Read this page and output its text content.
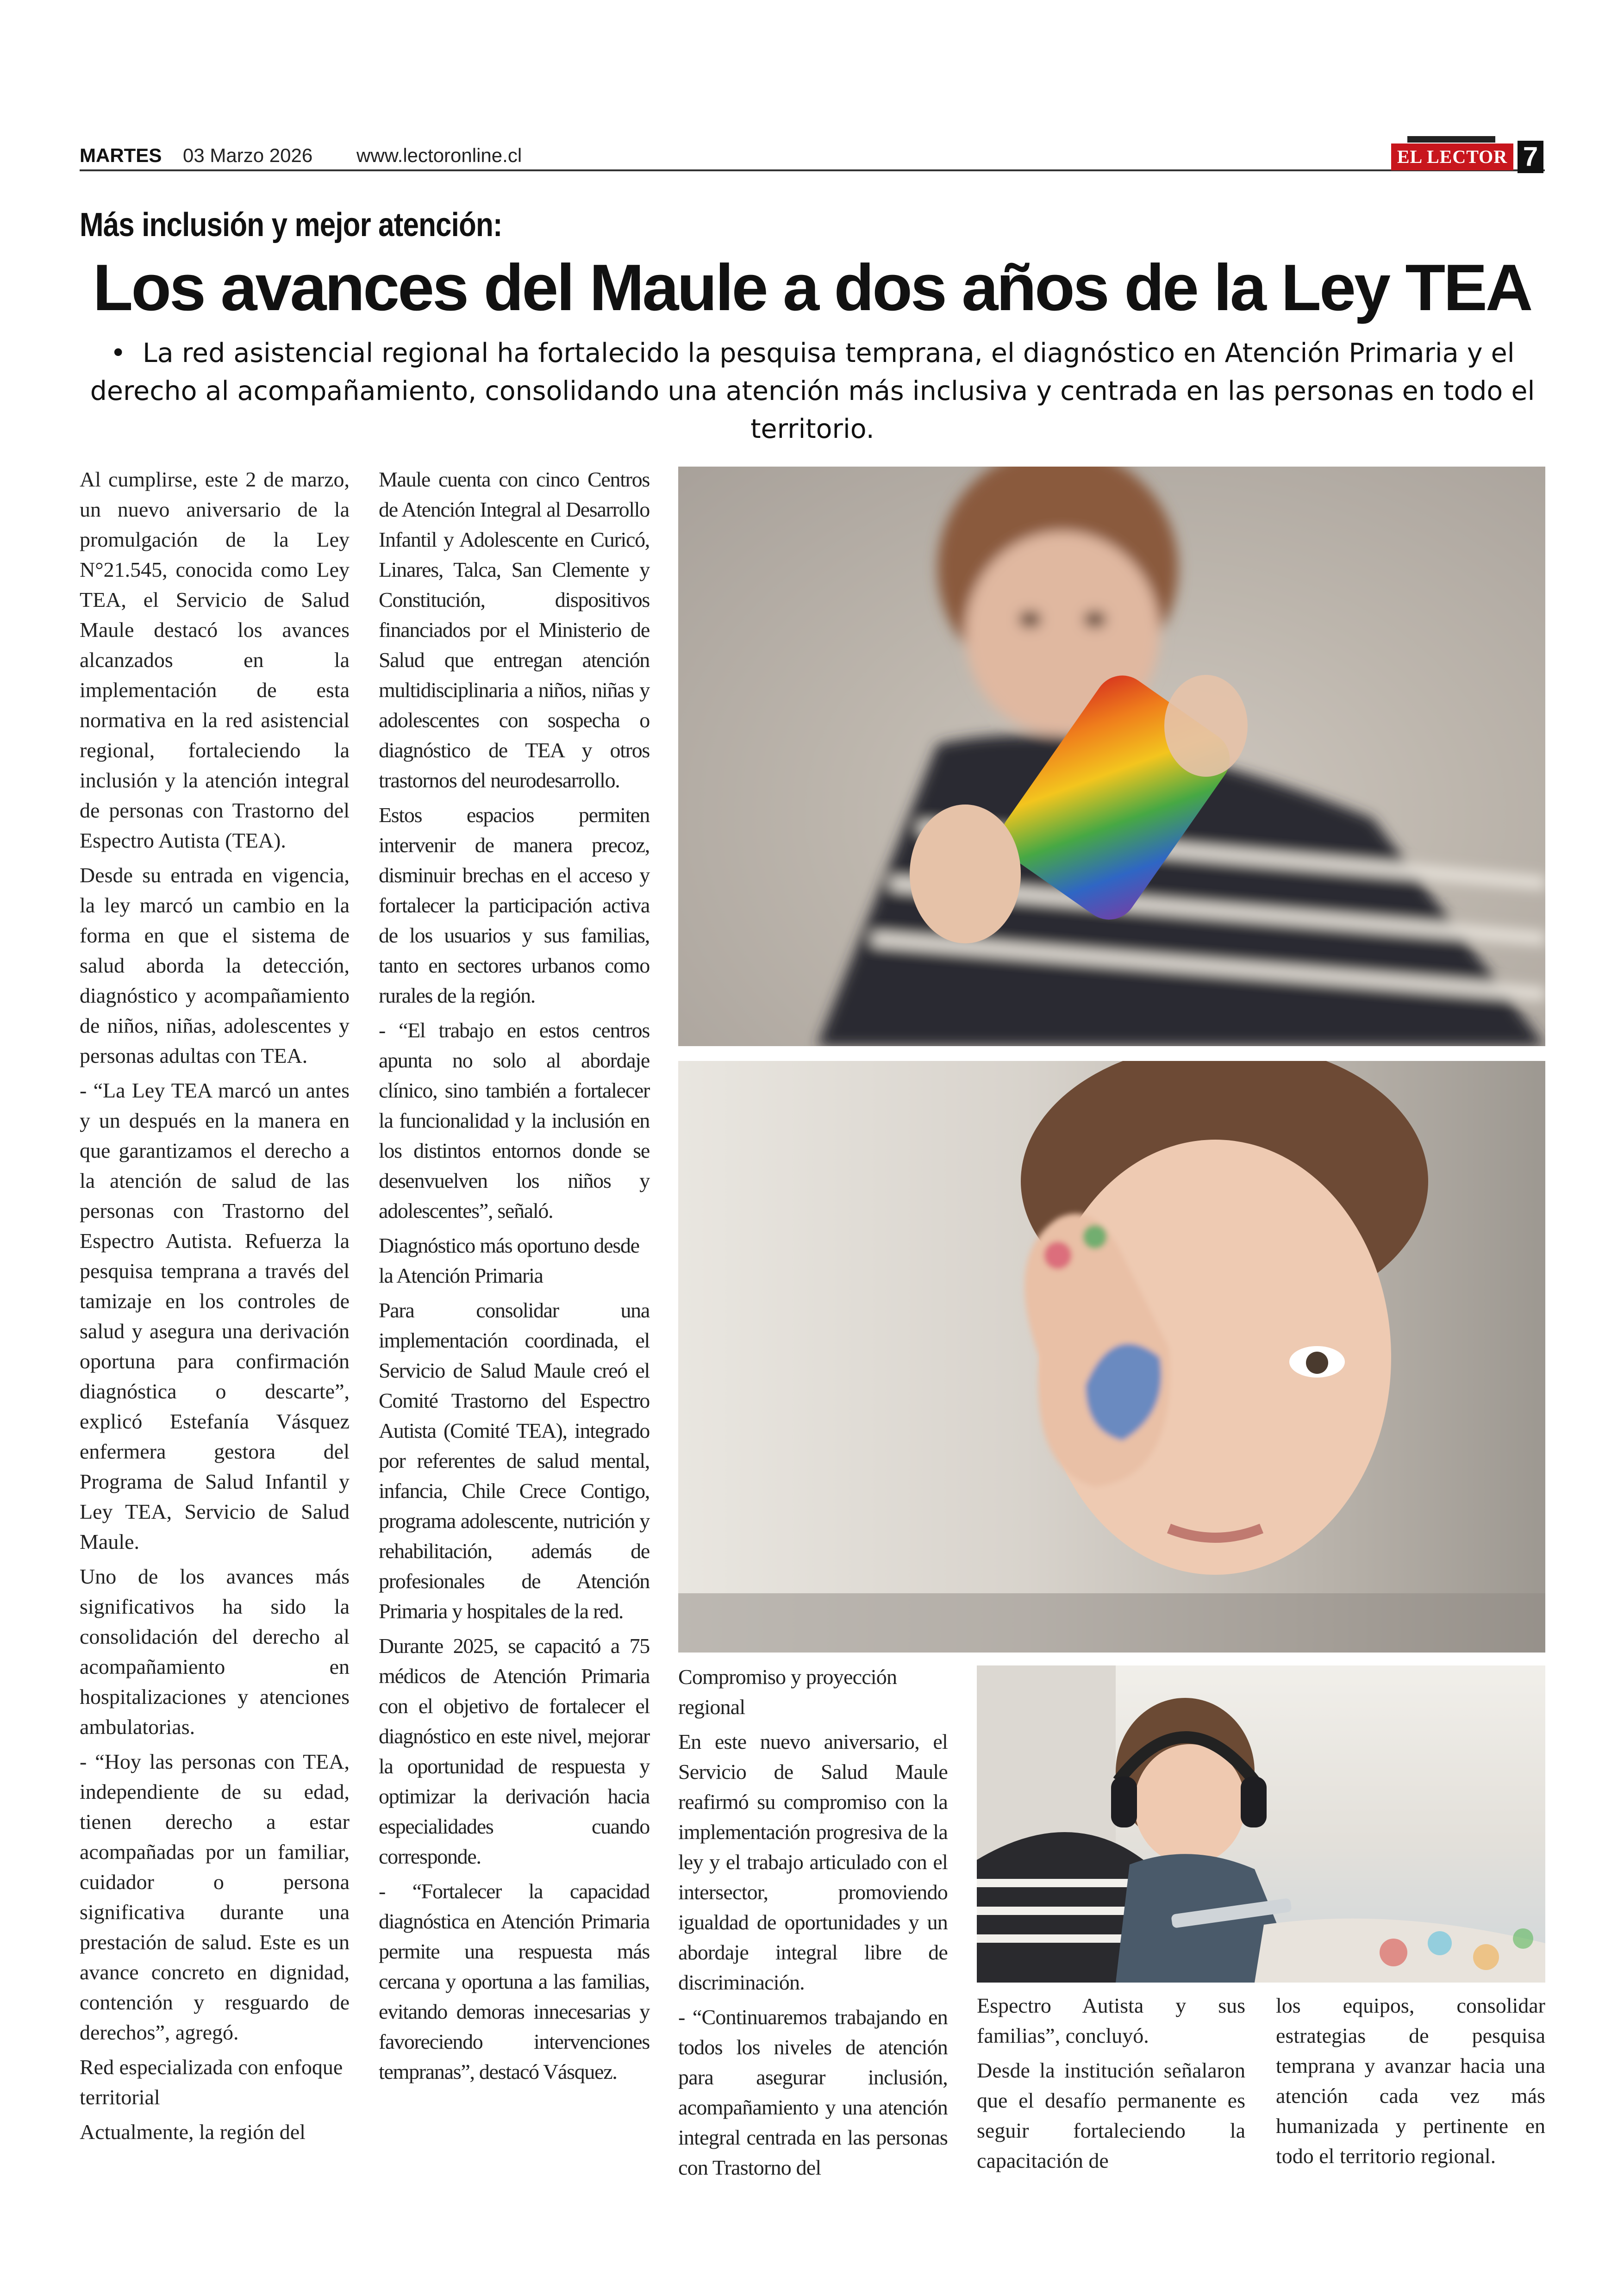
MARTES 03 Marzo 2026 www.lectoronline.cl	EL LECTOR 7
Más inclusión y mejor atención:
Los avances del Maule a dos años de la Ley TEA
• La red asistencial regional ha fortalecido la pesquisa temprana, el diagnóstico en Atención Primaria y el derecho al acompañamiento, consolidando una atención más inclusiva y centrada en las personas en todo el territorio.

Al cumplirse, este 2 de marzo, un nuevo aniversario de la promulgación de la Ley N°21.545, conocida como Ley TEA, el Servicio de Salud Maule destacó los avances alcanzados en la implementación de esta normativa en la red asistencial regional, fortaleciendo la inclusión y la atención integral de personas con Trastorno del Espectro Autista (TEA).

Desde su entrada en vigencia, la ley marcó un cambio en la forma en que el sistema de salud aborda la detección, diagnóstico y acompañamiento de niños, niñas, adolescentes y personas adultas con TEA.

- “La Ley TEA marcó un antes y un después en la manera en que garantizamos el derecho a la atención de salud de las personas con Trastorno del Espectro Autista. Refuerza la pesquisa temprana a través del tamizaje en los controles de salud y asegura una derivación oportuna para confirmación diagnóstica o descarte”, explicó Estefanía Vásquez enfermera gestora del Programa de Salud Infantil y Ley TEA, Servicio de Salud Maule.

Uno de los avances más significativos ha sido la consolidación del derecho al acompañamiento en hospitalizaciones y atenciones ambulatorias.

- “Hoy las personas con TEA, independiente de su edad, tienen derecho a estar acompañadas por un familiar, cuidador o persona significativa durante una prestación de salud. Este es un avance concreto en dignidad, contención y resguardo de derechos”, agregó.

Red especializada con enfoque territorial

Actualmente, la región del

Maule cuenta con cinco Centros de Atención Integral al Desarrollo Infantil y Adolescente en Curicó, Linares, Talca, San Clemente y Constitución, dispositivos financiados por el Ministerio de Salud que entregan atención multidisciplinaria a niños, niñas y adolescentes con sospecha o diagnóstico de TEA y otros trastornos del neurodesarrollo.

Estos espacios permiten intervenir de manera precoz, disminuir brechas en el acceso y fortalecer la participación activa de los usuarios y sus familias, tanto en sectores urbanos como rurales de la región.

- “El trabajo en estos centros apunta no solo al abordaje clínico, sino también a fortalecer la funcionalidad y la inclusión en los distintos entornos donde se desenvuelven los niños y adolescentes”, señaló.

Diagnóstico más oportuno desde la Atención Primaria

Para consolidar una implementación coordinada, el Servicio de Salud Maule creó el Comité Trastorno del Espectro Autista (Comité TEA), integrado por referentes de salud mental, infancia, Chile Crece Contigo, programa adolescente, nutrición y rehabilitación, además de profesionales de Atención Primaria y hospitales de la red.

Durante 2025, se capacitó a 75 médicos de Atención Primaria con el objetivo de fortalecer el diagnóstico en este nivel, mejorar la oportunidad de respuesta y optimizar la derivación hacia especialidades cuando corresponde.

- “Fortalecer la capacidad diagnóstica en Atención Primaria permite una respuesta más cercana y oportuna a las familias, evitando demoras innecesarias y favoreciendo intervenciones tempranas”, destacó Vásquez.

Compromiso y proyección regional

En este nuevo aniversario, el Servicio de Salud Maule reafirmó su compromiso con la implementación progresiva de la ley y el trabajo articulado con el intersector, promoviendo igualdad de oportunidades y un abordaje integral libre de discriminación.

- “Continuaremos trabajando en todos los niveles de atención para asegurar inclusión, acompañamiento y una atención integral centrada en las personas con Trastorno del

Espectro Autista y sus familias”, concluyó.

Desde la institución señalaron que el desafío permanente es seguir fortaleciendo la capacitación de

los equipos, consolidar estrategias de pesquisa temprana y avanzar hacia una atención cada vez más humanizada y pertinente en todo el territorio regional.
